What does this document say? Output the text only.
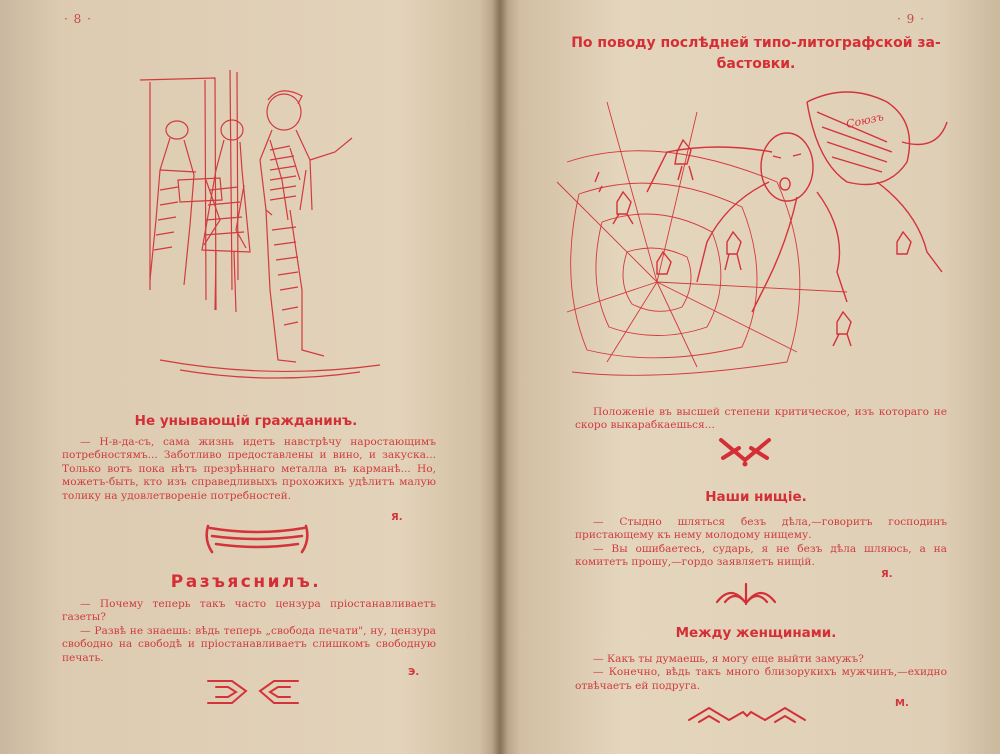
· 8 ·
Не унывающій гражданинъ.

— Н-в-да-съ, сама жизнь идетъ навстрѣчу наростающимъ потребностямъ... Заботливо предоставлены и вино, и закуска... Только вотъ пока нѣтъ презрѣннаго металла въ карманѣ... Но, можетъ-быть, кто изъ справедливыхъ прохожихъ удѣлитъ малую толику на удовлетвореніе потребностей.

Я.
Разъяснилъ.

— Почему теперь такъ часто цензура пріостанавливаетъ газеты?

— Развѣ не знаешь: вѣдь теперь „свобода печати", ну, цензура свободно на свободѣ и пріостанавливаетъ слишкомъ свободную печать.

Э.
· 9 ·
По поводу послѣдней типо-литографской за-
бастовки.
Союзъ

Положеніе въ высшей степени критическое, изъ котораго не скоро выкарабкаешься...

Наши нищіе.

— Стыдно шляться безъ дѣла,—говоритъ господинъ пристающему къ нему молодому нищему.

— Вы ошибаетесь, сударь, я не безъ дѣла шляюсь, а на комитетъ прошу,—гордо заявляетъ нищій.

Я.
Между женщинами.

— Какъ ты думаешь, я могу еще выйти замужъ?

— Конечно, вѣдь такъ много близорукихъ мужчинъ,—ехидно отвѣчаетъ ей подруга.

М.
